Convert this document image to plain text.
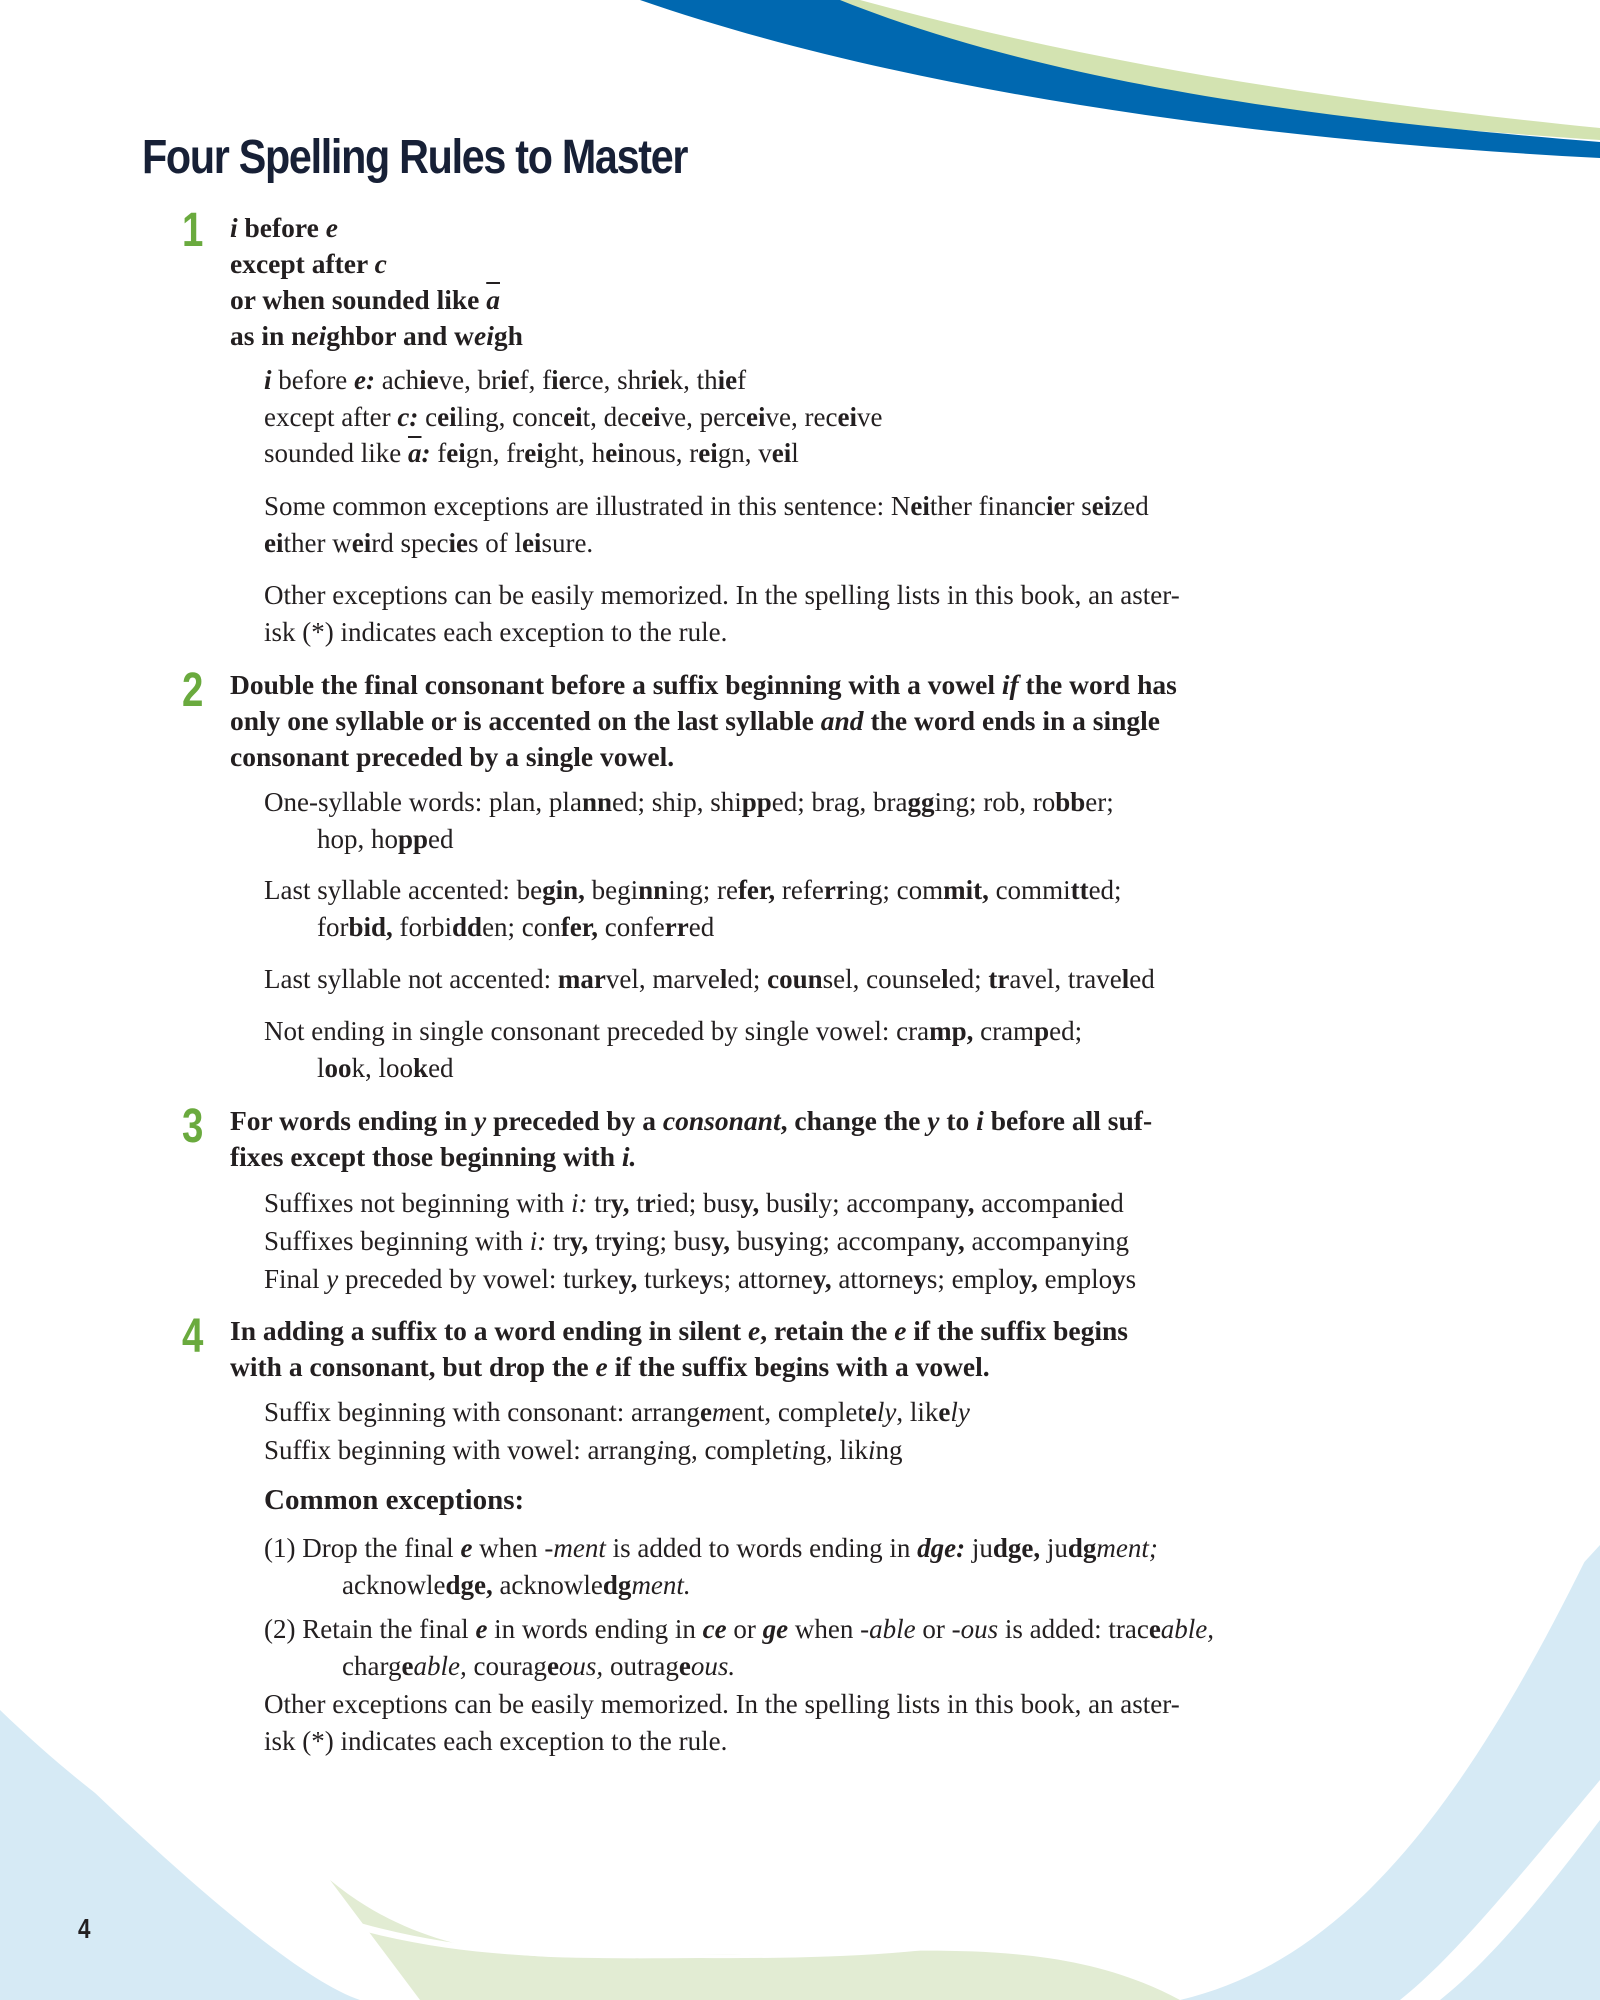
Four Spelling Rules to Master
1 i before e
except after c
or when sounded like $\overline{a}$
as in neighbor and weigh
i before e: achieve, brief, fierce, shriek, thief
except after c: ceiling, conceit, deceive, perceive, receive
sounded like $\overline{a}$: feign, freight, heinous, reign, veil
Some common exceptions are illustrated in this sentence: Neither financier seized
either weird species of leisure.
Other exceptions can be easily memorized. In the spelling lists in this book, an aster-
isk (*) indicates each exception to the rule.
2 Double the final consonant before a suffix beginning with a vowel if the word has
only one syllable or is accented on the last syllable and the word ends in a single
consonant preceded by a single vowel.
One-syllable words: plan, planned; ship, shipped; brag, bragging; rob, robber;
hop, hopped
Last syllable accented: begin, beginning; refer, referring; commit, committed;
forbid, forbidden; confer, conferred
Last syllable not accented: marvel, marveled; counsel, counseled; travel, traveled
Not ending in single consonant preceded by single vowel: cramp, cramped;
look, looked
3 For words ending in y preceded by a consonant, change the y to i before all suf-
fixes except those beginning with i.
Suffixes not beginning with i: try, tried; busy, busily; accompany, accompanied
Suffixes beginning with i: try, trying; busy, busying; accompany, accompanying
Final y preceded by vowel: turkey, turkeys; attorney, attorneys; employ, employs
4 In adding a suffix to a word ending in silent e, retain the e if the suffix begins
with a consonant, but drop the e if the suffix begins with a vowel.
Suffix beginning with consonant: arrangement, completely, likely
Suffix beginning with vowel: arranging, completing, liking
Common exceptions:
(1) Drop the final e when -ment is added to words ending in dge: judge, judgment;
acknowledge, acknowledgment.
(2) Retain the final e in words ending in ce or ge when -able or -ous is added: traceable,
chargeable, courageous, outrageous.
Other exceptions can be easily memorized. In the spelling lists in this book, an aster-
isk (*) indicates each exception to the rule.
4
